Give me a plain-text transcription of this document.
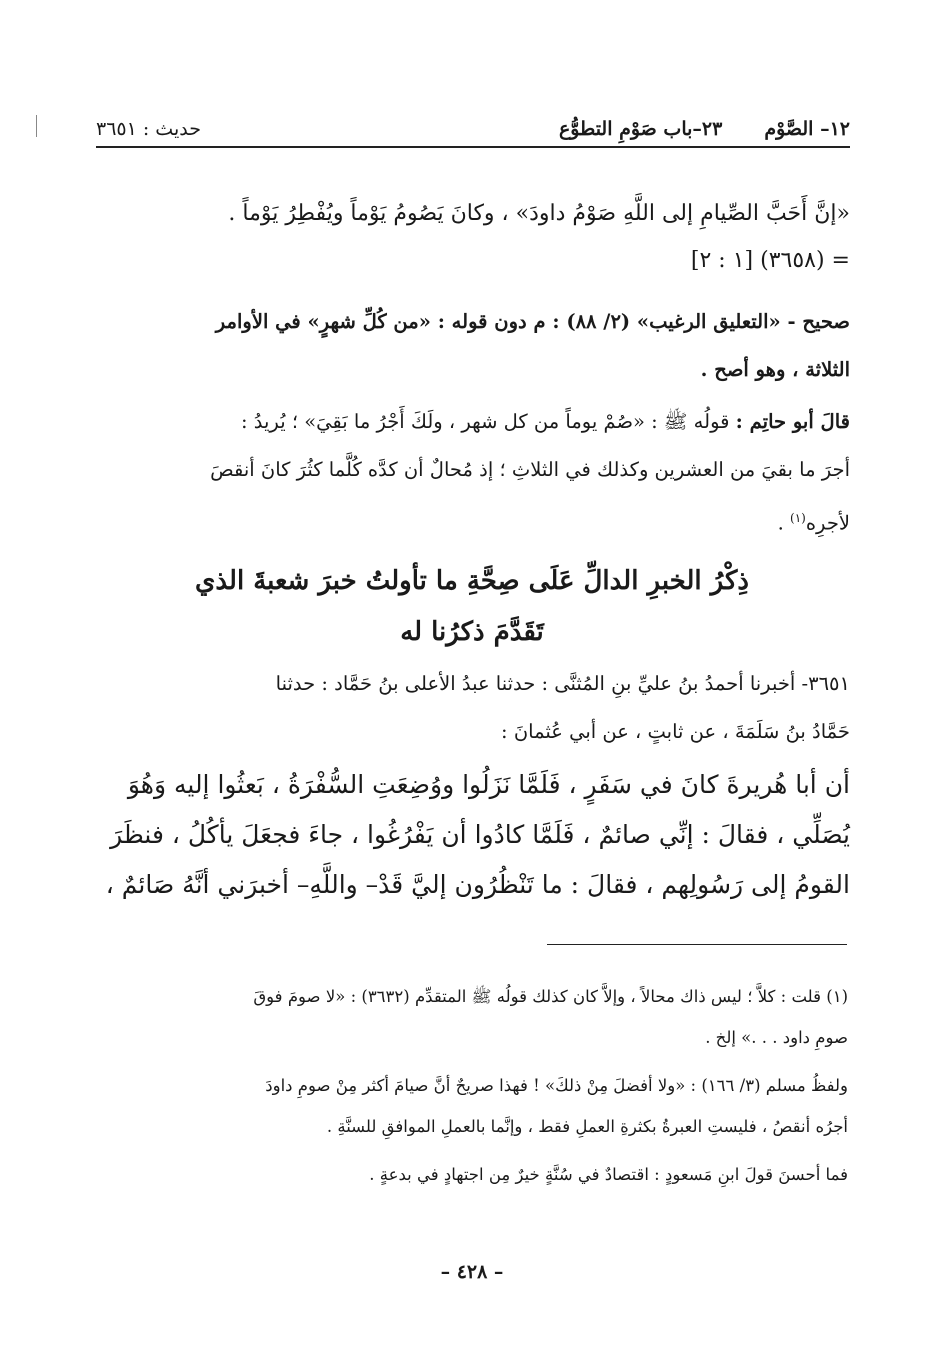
١٢– الصَّوْم
٢٣–باب صَوْمِ التطوُّع
حديث : ٣٦٥١

«إنَّ أَحَبَّ الصِّيامِ إلى اللَّهِ صَوْمُ داودَ» ، وكانَ يَصُومُ يَوْماً ويُفْطِرُ يَوْماً .

= (٣٦٥٨) [١ : ٢]

صحيح - «التعليق الرغيب» (٢/ ٨٨) : م دون قوله : «من كُلِّ شهرٍ» في الأوامر

الثلاثة ، وهو أصح .

قالَ أبو حاتِم : قولُه ﷺ : «صُمْ يوماً من كل شهر ، ولَكَ أَجْرُ ما بَقِيَ» ؛ يُريدُ :

أجرَ ما بقيَ من العشرين وكذلك في الثلاثِ ؛ إذ مُحالٌ أن كدَّه كُلَّما كثُرَ كانَ أنقصَ

لأجرِه$^{(١)}$ .

ذِكْرُ الخبرِ الدالِّ عَلَى صِحَّةِ ما تأولتُ خبرَ شعبةَ الذي

تَقَدَّمَ ذكرُنا له

٣٦٥١- أخبرنا أحمدُ بنُ عليِّ بنِ المُثنَّى : حدثنا عبدُ الأعلى بنُ حَمَّاد : حدثنا

حَمَّادُ بنُ سَلَمَةَ ، عن ثابتٍ ، عن أبي عُثمانَ :

أن أبا هُريرةَ كانَ في سَفَرٍ ، فَلَمَّا نَزَلُوا ووُضِعَتِ السُّفْرَةُ ، بَعثُوا إليه وَهُوَ

يُصَلِّي ، فقالَ : إنِّي صائمٌ ، فَلَمَّا كادُوا أن يَفْرُغُوا ، جاءَ فجعَلَ يأكُلُ ، فنظَرَ

القومُ إلى رَسُولِهم ، فقالَ : ما تَنْظُرُون إليَّ قَدْ– واللَّهِ– أخبرَني أنَّهُ صَائمٌ ،

(١) قلت : كلاَّ ؛ ليس ذاك محالاً ، وإلاَّ كان كذلك قولُه ﷺ المتقدِّم (٣٦٣٢) : «لا صومَ فوقَ
صومِ داود . . .» إلخ .

ولفظُ مسلم (٣/ ١٦٦) : «ولا أفضلَ مِنْ ذلكَ» ! فهذا صريحٌ أنَّ صيامَ أكثر مِنْ صومِ داودَ
أجرُه أنقصُ ، فليستِ العبرةُ بكثرةِ العملِ فقط ، وإنَّما بالعملِ الموافقِ للسنَّةِ .

فما أحسنَ قولَ ابنِ مَسعودٍ : اقتصادٌ في سُنَّةٍ خيرٌ مِن اجتهادٍ في بدعةٍ .

– ٤٢٨ –
